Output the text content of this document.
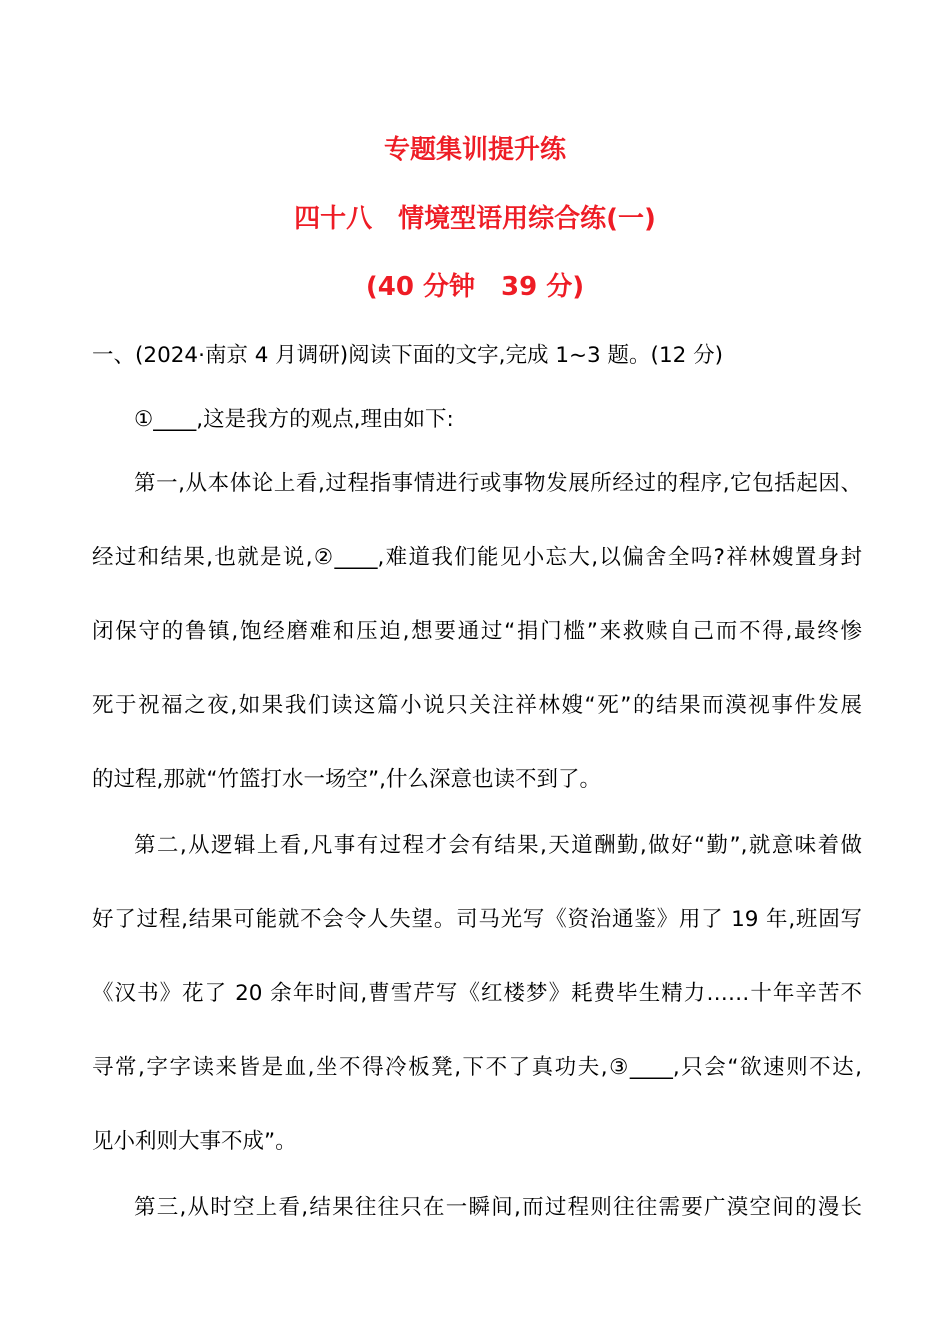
专题集训提升练
四十八　情境型语用综合练(一)
(40 分钟　39 分)
一、(2024·南京 4 月调研)阅读下面的文字,完成 1~3 题。(12 分)
①____,这是我方的观点,理由如下:
第一,从本体论上看,过程指事情进行或事物发展所经过的程序,它包括起因、
经过和结果,也就是说,②____,难道我们能见小忘大,以偏舍全吗?祥林嫂置身封
闭保守的鲁镇,饱经磨难和压迫,想要通过“捐门槛”来救赎自己而不得,最终惨
死于祝福之夜,如果我们读这篇小说只关注祥林嫂“死”的结果而漠视事件发展
的过程,那就“竹篮打水一场空”,什么深意也读不到了。
第二,从逻辑上看,凡事有过程才会有结果,天道酬勤,做好“勤”,就意味着做
好了过程,结果可能就不会令人失望。司马光写《资治通鉴》用了 19 年,班固写
《汉书》花了 20 余年时间,曹雪芹写《红楼梦》耗费毕生精力……十年辛苦不
寻常,字字读来皆是血,坐不得冷板凳,下不了真功夫,③____,只会“欲速则不达,
见小利则大事不成”。
第三,从时空上看,结果往往只在一瞬间,而过程则往往需要广漠空间的漫长
